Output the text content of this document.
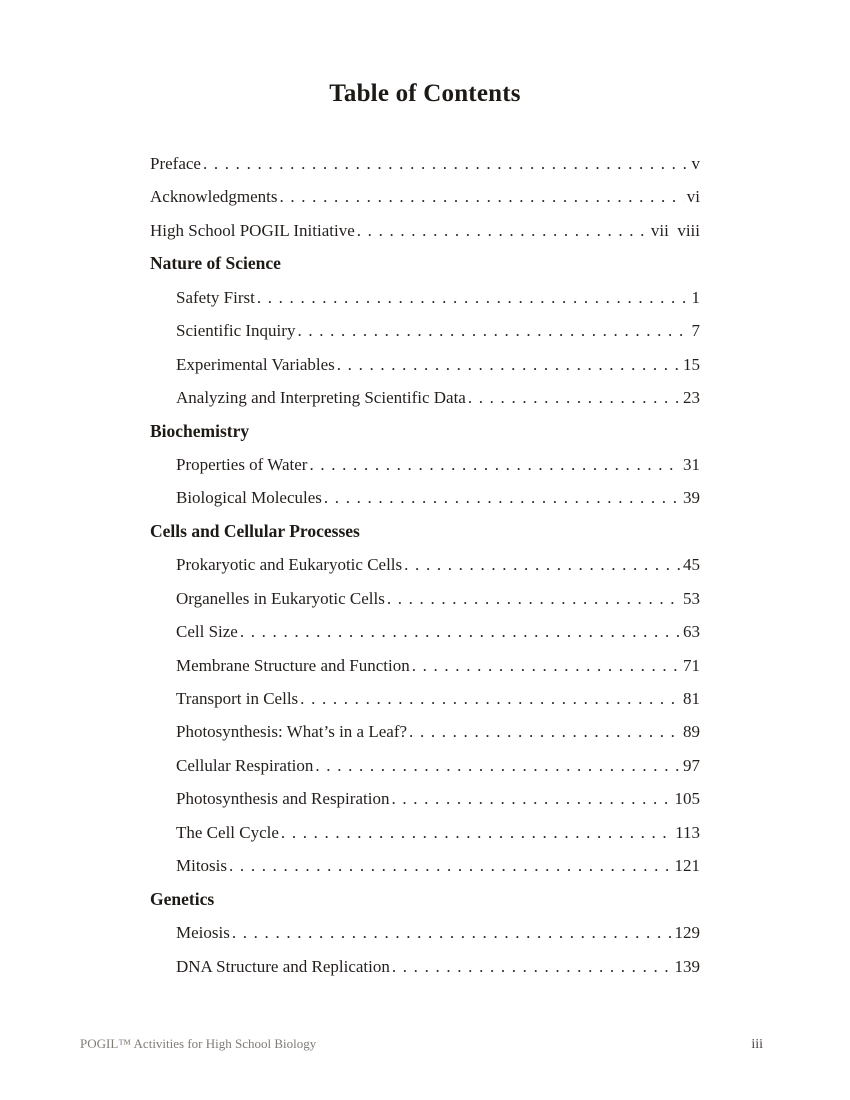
Table of Contents
Preface . . .	v
Acknowledgments . . .	vi
High School POGIL Initiative . . .	vii viii
Nature of Science
Safety First . . .	1
Scientific Inquiry . . .	7
Experimental Variables . . .	15
Analyzing and Interpreting Scientific Data . . .	23
Biochemistry
Properties of Water . . .	31
Biological Molecules . . .	39
Cells and Cellular Processes
Prokaryotic and Eukaryotic Cells . . .	45
Organelles in Eukaryotic Cells . . .	53
Cell Size . . .	63
Membrane Structure and Function . . .	71
Transport in Cells . . .	81
Photosynthesis: What’s in a Leaf? . . .	89
Cellular Respiration . . .	97
Photosynthesis and Respiration . . .	105
The Cell Cycle . . .	113
Mitosis . . .	121
Genetics
Meiosis . . .	129
DNA Structure and Replication . . .	139
POGIL™ Activities for High School Biology	iii
